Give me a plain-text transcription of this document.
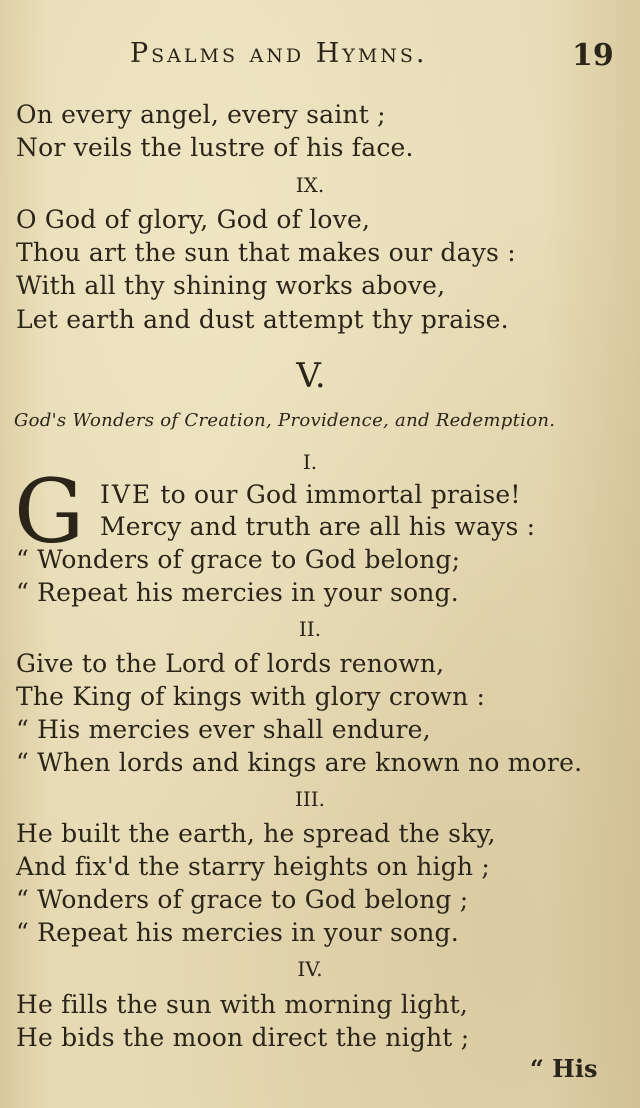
Psalms and Hymns.	19
On every angel, every saint ;
Nor veils the lustre of his face.
IX.
O God of glory, God of love,
Thou art the sun that makes our days :
With all thy shining works above,
Let earth and dust attempt thy praise.
V.
God's Wonders of Creation, Providence, and Redemption.
I.
G IVE to our God immortal praise!
Mercy and truth are all his ways :
“ Wonders of grace to God belong;
“ Repeat his mercies in your song.
II.
Give to the Lord of lords renown,
The King of kings with glory crown :
“ His mercies ever shall endure,
“ When lords and kings are known no more.
III.
He built the earth, he spread the sky,
And fix'd the starry heights on high ;
“ Wonders of grace to God belong ;
“ Repeat his mercies in your song.
IV.
He fills the sun with morning light,
He bids the moon direct the night ;
“ His
